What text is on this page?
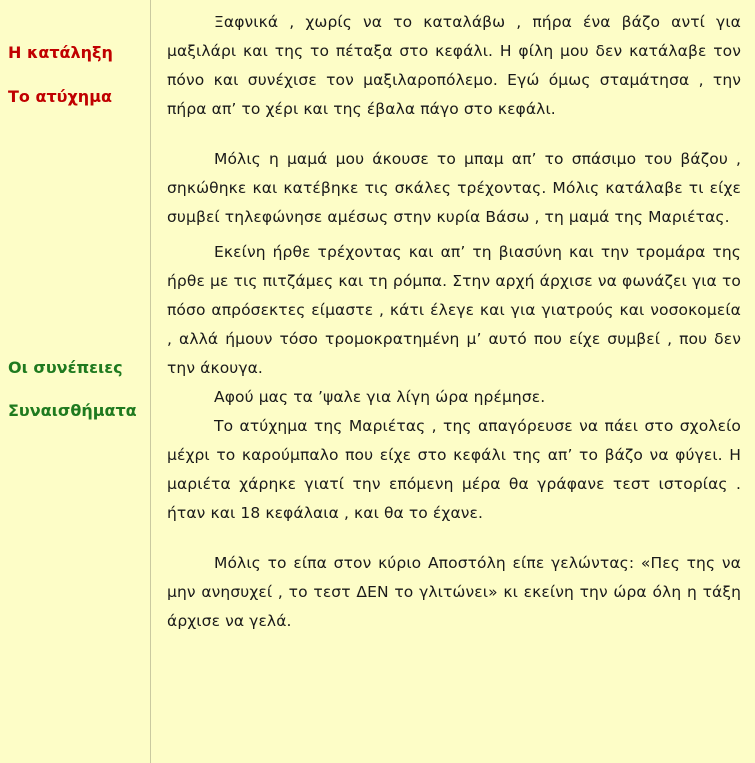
Η κατάληξη
Το ατύχημα
Οι συνέπειες
Συναισθήματα

Ξαφνικά , χωρίς να το καταλάβω , πήρα ένα βάζο αντί για μαξιλάρι και της το πέταξα στο κεφάλι. Η φίλη μου δεν κατάλαβε τον πόνο και συνέχισε τον μαξιλαροπόλεμο. Εγώ όμως σταμάτησα , την πήρα απ’ το χέρι και της έβαλα πάγο στο κεφάλι.

Μόλις η μαμά μου άκουσε το μπαμ απ’ το σπάσιμο του βάζου , σηκώθηκε και κατέβηκε τις σκάλες τρέχοντας. Μόλις κατάλαβε τι είχε συμβεί τηλεφώνησε αμέσως στην κυρία Βάσω , τη μαμά της Μαριέτας.

Εκείνη ήρθε τρέχοντας και απ’ τη βιασύνη και την τρομάρα της ήρθε με τις πιτζάμες και τη ρόμπα. Στην αρχή άρχισε να φωνάζει για το πόσο απρόσεκτες είμαστε , κάτι έλεγε και για γιατρούς και νοσοκομεία , αλλά ήμουν τόσο τρομοκρατημένη μ’ αυτό που είχε συμβεί , που δεν την άκουγα.

Αφού μας τα ’ψαλε για λίγη ώρα ηρέμησε.

Το ατύχημα της Μαριέτας , της απαγόρευσε να πάει στο σχολείο μέχρι το καρούμπαλο που είχε στο κεφάλι της απ’ το βάζο να φύγει. Η μαριέτα χάρηκε γιατί την επόμενη μέρα θα γράφανε τεστ ιστορίας . ήταν και 18 κεφάλαια , και θα το έχανε.

Μόλις το είπα στον κύριο Αποστόλη είπε γελώντας: «Πες της να μην ανησυχεί , το τεστ ΔΕΝ το γλιτώνει» κι εκείνη την ώρα όλη η τάξη άρχισε να γελά.
